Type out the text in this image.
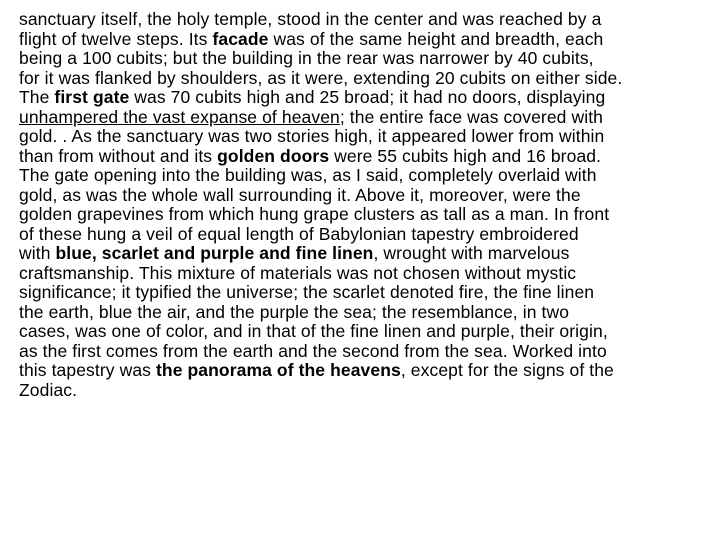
sanctuary itself, the holy temple, stood in the center and was reached by a
flight of twelve steps. Its facade was of the same height and breadth, each
being a 100 cubits; but the building in the rear was narrower by 40 cubits,
for it was flanked by shoulders, as it were, extending 20 cubits on either side.
The first gate was 70 cubits high and 25 broad; it had no doors, displaying
unhampered the vast expanse of heaven; the entire face was covered with
gold. . As the sanctuary was two stories high, it appeared lower from within
than from without and its golden doors were 55 cubits high and 16 broad.
The gate opening into the building was, as I said, completely overlaid with
gold, as was the whole wall surrounding it. Above it, moreover, were the
golden grapevines from which hung grape clusters as tall as a man. In front
of these hung a veil of equal length of Babylonian tapestry embroidered
with blue, scarlet and purple and fine linen, wrought with marvelous
craftsmanship. This mixture of materials was not chosen without mystic
significance; it typified the universe; the scarlet denoted fire, the fine linen
the earth, blue the air, and the purple the sea; the resemblance, in two
cases, was one of color, and in that of the fine linen and purple, their origin,
as the first comes from the earth and the second from the sea. Worked into
this tapestry was the panorama of the heavens, except for the signs of the
Zodiac.
